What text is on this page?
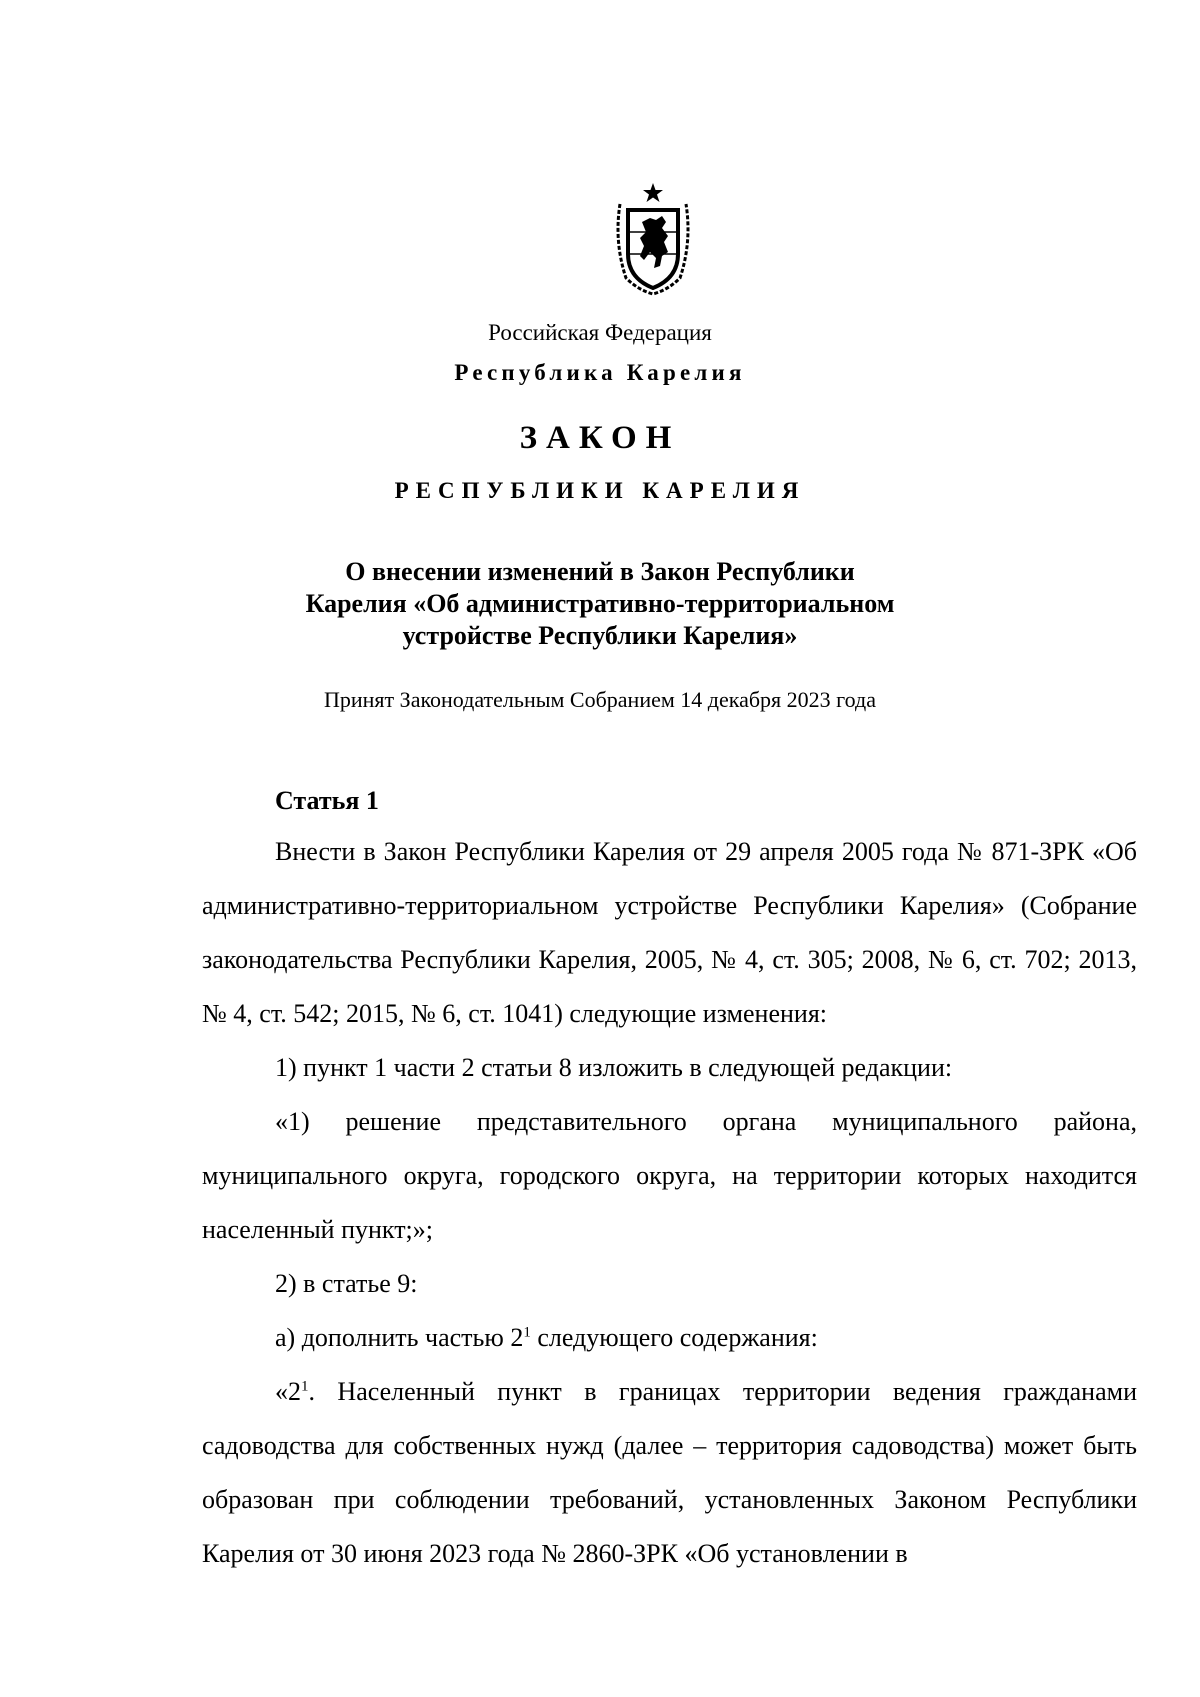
Российская Федерация
Республика Карелия
ЗАКОН
РЕСПУБЛИКИ КАРЕЛИЯ
О внесении изменений в Закон Республики
Карелия «Об административно-территориальном
устройстве Республики Карелия»
Принят Законодательным Собранием 14 декабря 2023 года
Статья 1

Внести в Закон Республики Карелия от 29 апреля 2005 года № 871-ЗРК «Об административно-территориальном устройстве Республики Карелия» (Собрание законодательства Республики Карелия, 2005, № 4, ст. 305; 2008, № 6, ст. 702; 2013, № 4, ст. 542; 2015, № 6, ст. 1041) следующие изменения:

1) пункт 1 части 2 статьи 8 изложить в следующей редакции:

«1) решение представительного органа муниципального района, муниципального округа, городского округа, на территории которых находится населенный пункт;»;

2) в статье 9:

а) дополнить частью $2^1$ следующего содержания:

«$2^1$. Населенный пункт в границах территории ведения гражданами садоводства для собственных нужд (далее – территория садоводства) может быть образован при соблюдении требований, установленных Законом Республики Карелия от 30 июня 2023 года № 2860-ЗРК «Об установлении в
